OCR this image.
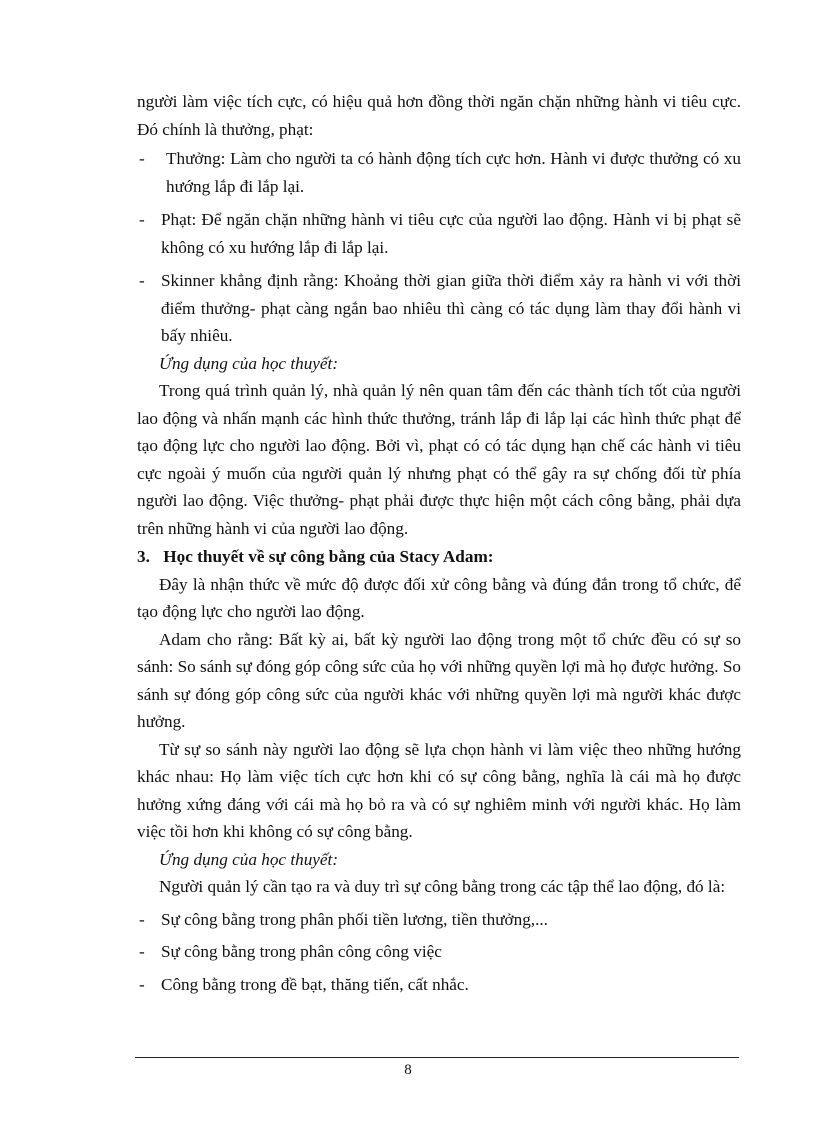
người làm việc tích cực, có hiệu quả hơn đồng thời ngăn chặn những hành vi tiêu cực. Đó chính là thưởng, phạt:

- Thưởng: Làm cho người ta có hành động tích cực hơn. Hành vi được thưởng có xu hướng lắp đi lắp lại.
- Phạt: Để ngăn chặn những hành vi tiêu cực của người lao động. Hành vi bị phạt sẽ không có xu hướng lắp đi lắp lại.
- Skinner khẳng định rằng: Khoảng thời gian giữa thời điểm xảy ra hành vi với thời điểm thưởng- phạt càng ngắn bao nhiêu thì càng có tác dụng làm thay đổi hành vi bấy nhiêu.

Ứng dụng của học thuyết:

Trong quá trình quản lý, nhà quản lý nên quan tâm đến các thành tích tốt của người lao động và nhấn mạnh các hình thức thưởng, tránh lắp đi lắp lại các hình thức phạt để tạo động lực cho người lao động. Bởi vì, phạt có có tác dụng hạn chế các hành vi tiêu cực ngoài ý muốn của người quản lý nhưng phạt có thể gây ra sự chống đối từ phía người lao động. Việc thưởng- phạt phải được thực hiện một cách công bằng, phải dựa trên những hành vi của người lao động.

3. Học thuyết về sự công bằng của Stacy Adam:

Đây là nhận thức về mức độ được đối xử công bằng và đúng đắn trong tổ chức, để tạo động lực cho người lao động.

Adam cho rằng: Bất kỳ ai, bất kỳ người lao động trong một tổ chức đều có sự so sánh: So sánh sự đóng góp công sức của họ với những quyền lợi mà họ được hưởng. So sánh sự đóng góp công sức của người khác với những quyền lợi mà người khác được hưởng.

Từ sự so sánh này người lao động sẽ lựa chọn hành vi làm việc theo những hướng khác nhau: Họ làm việc tích cực hơn khi có sự công bằng, nghĩa là cái mà họ được hưởng xứng đáng với cái mà họ bỏ ra và có sự nghiêm minh với người khác. Họ làm việc tồi hơn khi không có sự công bằng.

Ứng dụng của học thuyết:

Người quản lý cần tạo ra và duy trì sự công bằng trong các tập thể lao động, đó là:

- Sự công bằng trong phân phối tiền lương, tiền thưởng,...
- Sự công bằng trong phân công công việc
- Công bằng trong đề bạt, thăng tiến, cất nhắc.
8
